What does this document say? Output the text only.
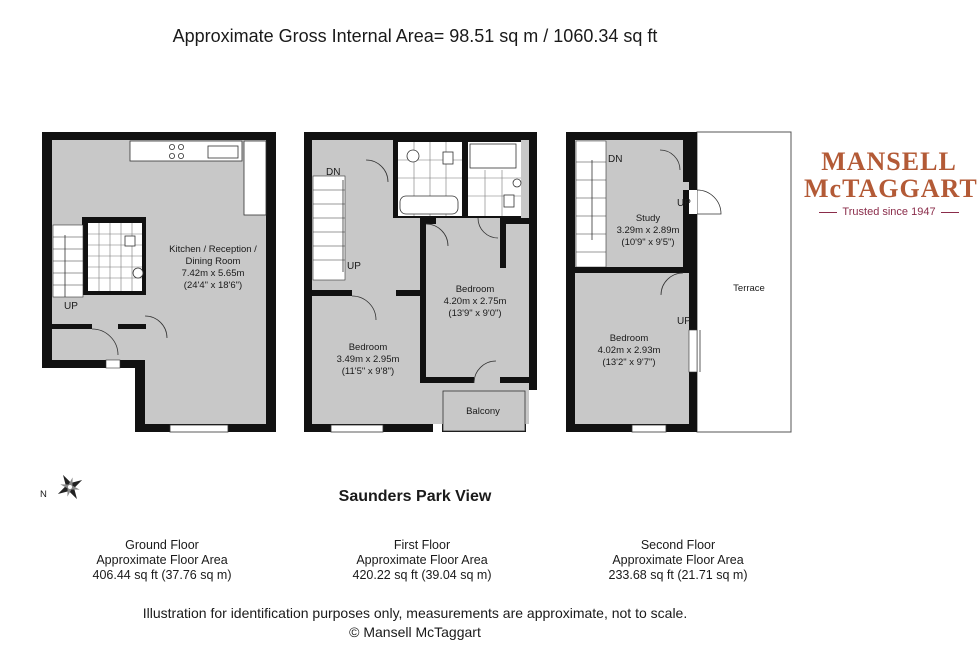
Approximate Gross Internal Area= 98.51 sq m / 1060.34 sq ft
UP
Kitchen / Reception /
Dining Room
7.42m x 5.65m
(24'4" x 18'6")
DN
UP
Balcony
Bedroom
4.20m x 2.75m
(13'9" x 9'0")
Bedroom
3.49m x 2.95m
(11'5" x 9'8")
DN
UP
UP
Study
3.29m x 2.89m
(10'9" x 9'5")
Bedroom
4.02m x 2.93m
(13'2" x 9'7")
Terrace
N
MANSELL
McTAGGART
Trusted since 1947
Saunders Park View
Ground Floor
Approximate Floor Area
406.44 sq ft (37.76 sq m)
First Floor
Approximate Floor Area
420.22 sq ft (39.04 sq m)
Second Floor
Approximate Floor Area
233.68 sq ft (21.71 sq m)
Illustration for identification purposes only, measurements are approximate, not to scale.
© Mansell McTaggart
